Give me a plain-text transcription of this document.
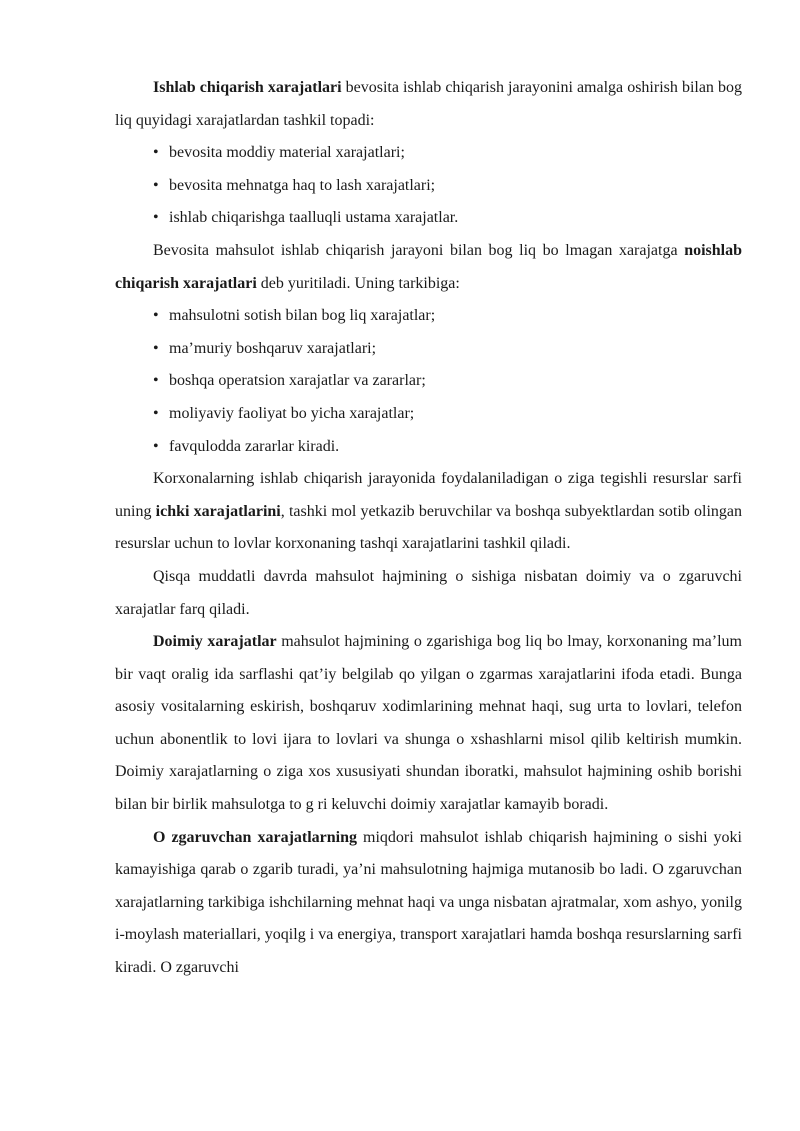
Ishlab chiqarish xarajatlari bevosita ishlab chiqarish jarayonini amalga oshirish bilan bog liq quyidagi xarajatlardan tashkil topadi:

• bevosita moddiy material xarajatlari;
• bevosita mehnatga haq to lash xarajatlari;
• ishlab chiqarishga taalluqli ustama xarajatlar.

Bevosita mahsulot ishlab chiqarish jarayoni bilan bog liq bo lmagan xarajatga noishlab chiqarish xarajatlari deb yuritiladi. Uning tarkibiga:

• mahsulotni sotish bilan bog liq xarajatlar;
• ma’muriy boshqaruv xarajatlari;
• boshqa operatsion xarajatlar va zararlar;
• moliyaviy faoliyat bo yicha xarajatlar;
• favqulodda zararlar kiradi.

Korxonalarning ishlab chiqarish jarayonida foydalaniladigan o ziga tegishli resurslar sarfi uning ichki xarajatlarini, tashki mol yetkazib beruvchilar va boshqa subyektlardan sotib olingan resurslar uchun to lovlar korxonaning tashqi xarajatlarini tashkil qiladi.

Qisqa muddatli davrda mahsulot hajmining o sishiga nisbatan doimiy va o zgaruvchi xarajatlar farq qiladi.

Doimiy xarajatlar mahsulot hajmining o zgarishiga bog liq bo lmay, korxonaning ma’lum bir vaqt oralig ida sarflashi qat’iy belgilab qo yilgan o zgarmas xarajatlarini ifoda etadi. Bunga asosiy vositalarning eskirish, boshqaruv xodimlarining mehnat haqi, sug urta to lovlari, telefon uchun abonentlik to lovi ijara to lovlari va shunga o xshashlarni misol qilib keltirish mumkin. Doimiy xarajatlarning o ziga xos xususiyati shundan iboratki, mahsulot hajmining oshib borishi bilan bir birlik mahsulotga to g ri keluvchi doimiy xarajatlar kamayib boradi.

O zgaruvchan xarajatlarning miqdori mahsulot ishlab chiqarish hajmining o sishi yoki kamayishiga qarab o zgarib turadi, ya’ni mahsulotning hajmiga mutanosib bo ladi. O zgaruvchan xarajatlarning tarkibiga ishchilarning mehnat haqi va unga nisbatan ajratmalar, xom ashyo, yonilg i-moylash materiallari, yoqilg i va energiya, transport xarajatlari hamda boshqa resurslarning sarfi kiradi. O zgaruvchi
